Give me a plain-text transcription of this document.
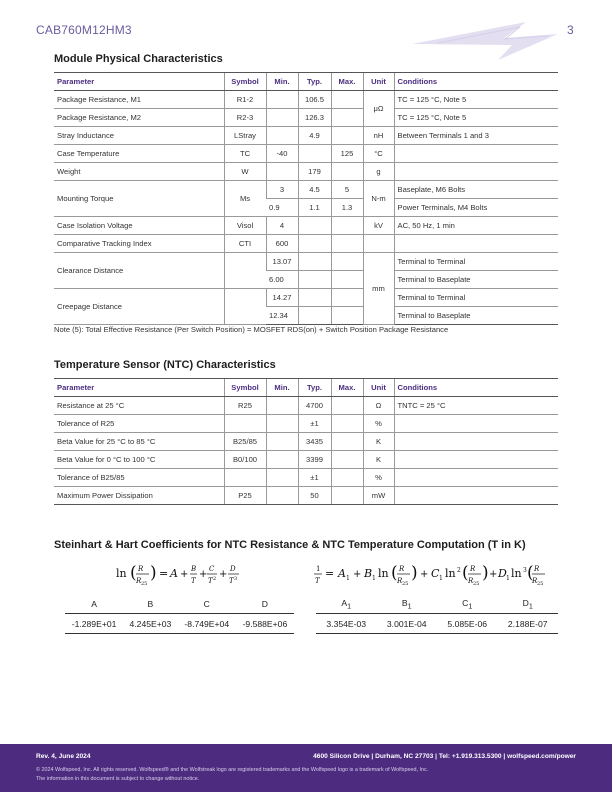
CAB760M12HM3	3
Module Physical Characteristics
Parameter	Symbol	Min.	Typ.	Max.	Unit	Conditions
Package Resistance, M1	R1-2		106.5		μΩ	TC = 125 °C, Note 5
Package Resistance, M2	R2-3		126.3			TC = 125 °C, Note 5
Stray Inductance	LStray		4.9		nH	Between Terminals 1 and 3
Case Temperature	TC	-40		125	°C	
Weight	W		179		g	
Mounting Torque	Ms	3	4.5	5	N-m	Baseplate, M6 Bolts
		0.9	1.1	1.3		Power Terminals, M4 Bolts
Case Isolation Voltage	Visol	4			kV	AC, 50 Hz, 1 min
Comparative Tracking Index	CTI	600				
Clearance Distance		13.07			mm	Terminal to Terminal
		6.00				Terminal to Baseplate
Creepage Distance		14.27				Terminal to Terminal
		12.34				Terminal to Baseplate
Note (5): Total Effective Resistance (Per Switch Position) = MOSFET RDS(on) + Switch Position Package Resistance
Temperature Sensor (NTC) Characteristics
Parameter	Symbol	Min.	Typ.	Max.	Unit	Conditions
Resistance at 25 °C	R25		4700		Ω	TNTC = 25 °C
Tolerance of R25			±1		%	
Beta Value for 25 °C to 85 °C	B25/85		3435		K	
Beta Value for 0 °C to 100 °C	B0/100		3399		K	
Tolerance of B25/85			±1		%	
Maximum Power Dissipation	P25		50		mW	
Steinhart & Hart Coefficients for NTC Resistance & NTC Temperature Computation (T in K)
ln ( R
R 25
) = A + B
T
+ C
T 2 + D
T 3
1
T
= A 1 + B 1 ln ( R
R 25
) + C 1 ln 2 ( R
R 25
) + D 1 ln 3 ( R
R 25
A	B	C	D
-1.289E+01	4.245E+03	-8.749E+04	-9.588E+06
$A_1$	$B_1$	$C_1$	$D_1$
3.354E-03	3.001E-04	5.085E-06	2.188E-07
Rev. 4, June 2024	4600 Silicon Drive | Durham, NC 27703 | Tel: +1.919.313.5300 | wolfspeed.com/power
© 2024 Wolfspeed, Inc. All rights reserved. Wolfspeed® and the Wolfstreak logo are registered trademarks and the Wolfspeed logo is a trademark of Wolfspeed, Inc.
The information in this document is subject to change without notice.
